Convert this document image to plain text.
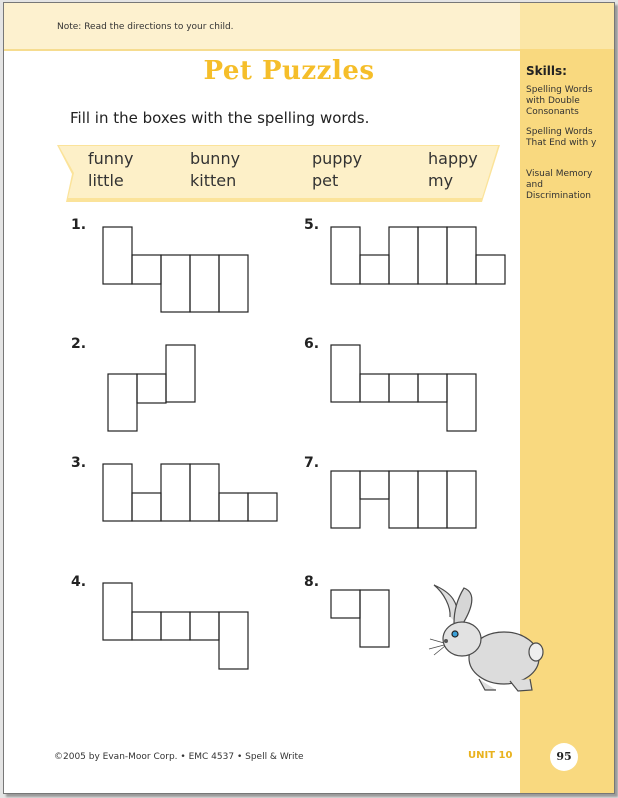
Note: Read the directions to your child.
Skills:
Spelling Words with Double Consonants
Spelling Words That End with y
Visual Memory and Discrimination
Pet Puzzles
Fill in the boxes with the spelling words.
funny	bunny	puppy	happy
little	kitten	pet	my
1.
2.
3.
4.
5.
6.
7.
8.
©2005 by Evan-Moor Corp. • EMC 4537 • Spell & Write	UNIT 10	95
